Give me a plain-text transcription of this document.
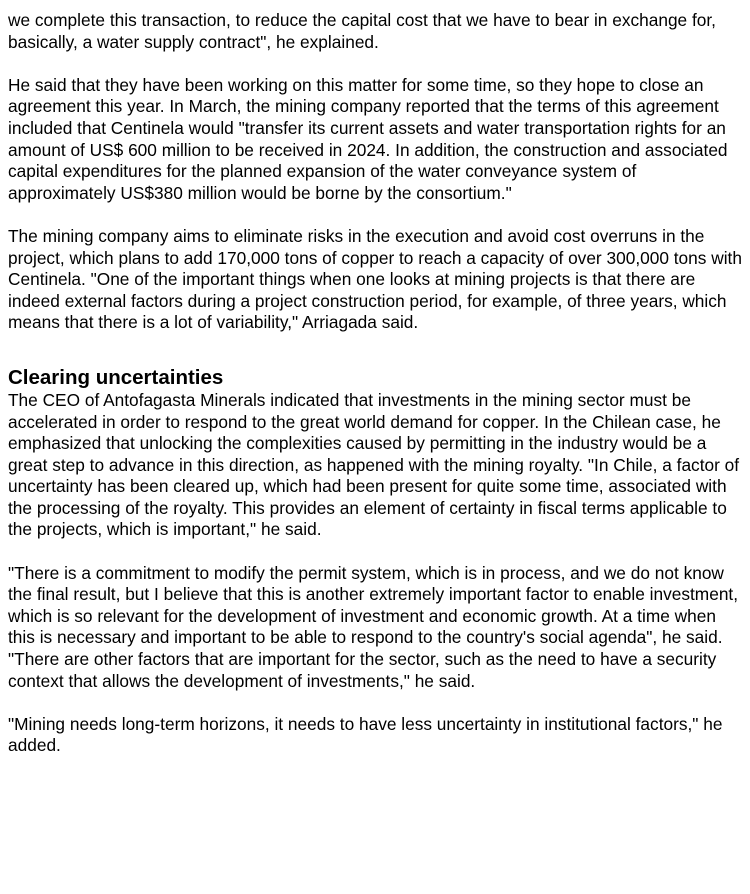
we complete this transaction, to reduce the capital cost that we have to bear in exchange for, basically, a water supply contract", he explained.

He said that they have been working on this matter for some time, so they hope to close an agreement this year. In March, the mining company reported that the terms of this agreement included that Centinela would "transfer its current assets and water transportation rights for an amount of US$ 600 million to be received in 2024. In addition, the construction and associated capital expenditures for the planned expansion of the water conveyance system of approximately US$380 million would be borne by the consortium."

The mining company aims to eliminate risks in the execution and avoid cost overruns in the project, which plans to add 170,000 tons of copper to reach a capacity of over 300,000 tons with Centinela. "One of the important things when one looks at mining projects is that there are indeed external factors during a project construction period, for example, of three years, which means that there is a lot of variability," Arriagada said.

Clearing uncertainties

The CEO of Antofagasta Minerals indicated that investments in the mining sector must be accelerated in order to respond to the great world demand for copper. In the Chilean case, he emphasized that unlocking the complexities caused by permitting in the industry would be a great step to advance in this direction, as happened with the mining royalty. "In Chile, a factor of uncertainty has been cleared up, which had been present for quite some time, associated with the processing of the royalty. This provides an element of certainty in fiscal terms applicable to the projects, which is important," he said.

"There is a commitment to modify the permit system, which is in process, and we do not know the final result, but I believe that this is another extremely important factor to enable investment, which is so relevant for the development of investment and economic growth. At a time when this is necessary and important to be able to respond to the country's social agenda", he said. "There are other factors that are important for the sector, such as the need to have a security context that allows the development of investments," he said.

"Mining needs long-term horizons, it needs to have less uncertainty in institutional factors," he added.
